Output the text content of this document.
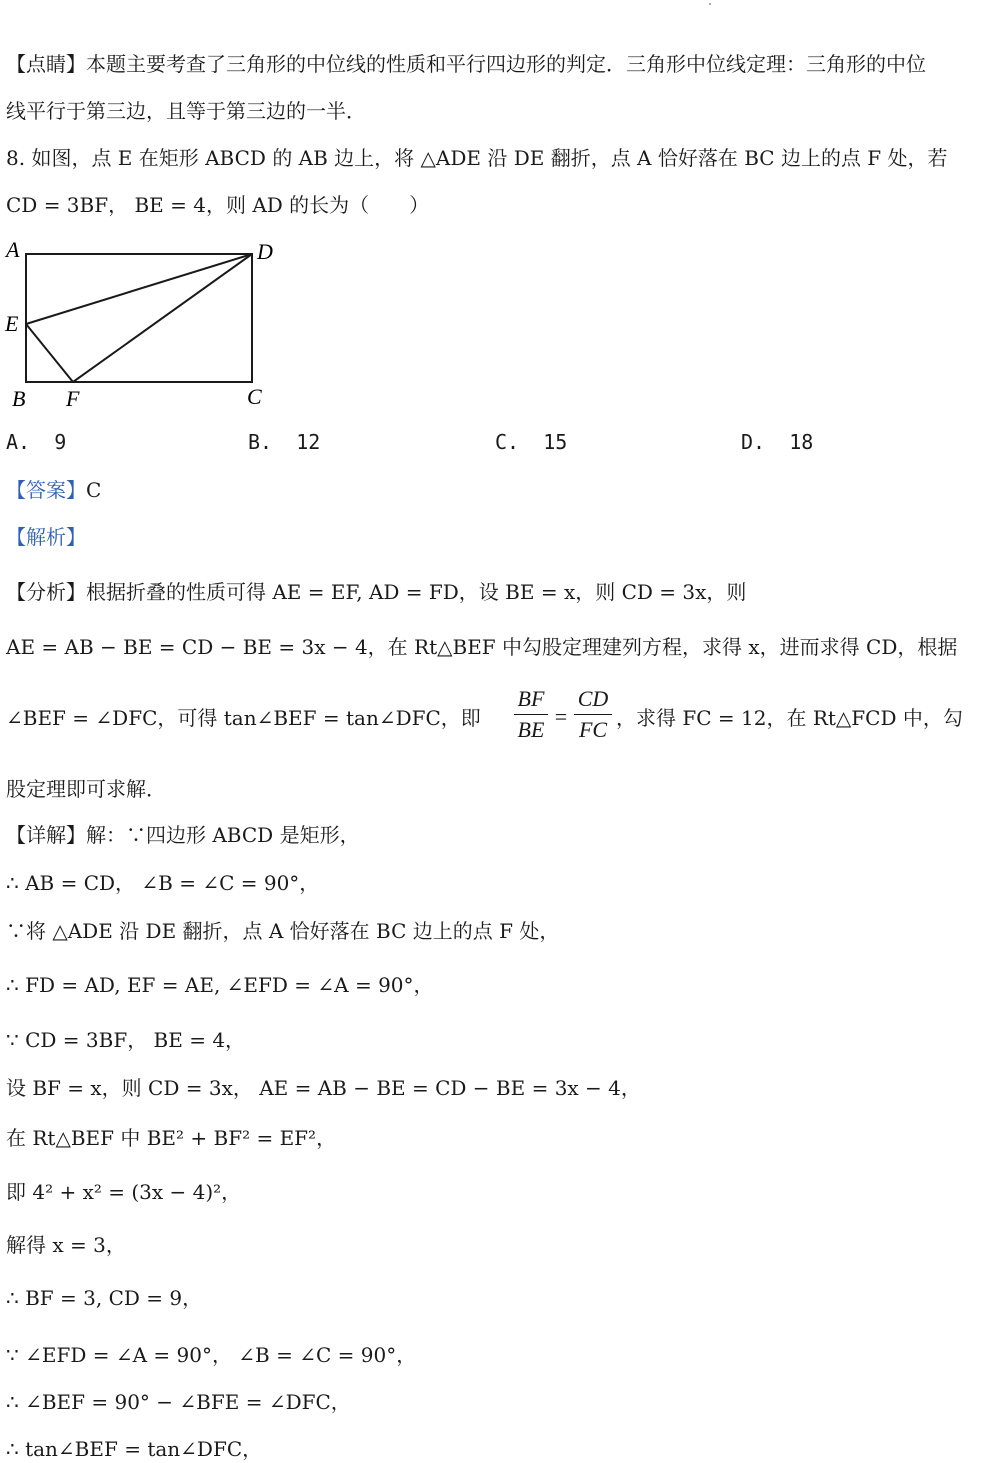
【点睛】本题主要考查了三角形的中位线的性质和平行四边形的判定．三角形中位线定理：三角形的中位
线平行于第三边，且等于第三边的一半．
8. 如图，点 E 在矩形 ABCD 的 AB 边上，将 △ADE 沿 DE 翻折，点 A 恰好落在 BC 边上的点 F 处，若
CD = 3BF， BE = 4，则 AD 的长为（　　）
A	D
E
B F	C
A. 9	B. 12	C. 15	D. 18
【答案】C
【解析】
【分析】根据折叠的性质可得 AE = EF, AD = FD，设 BE = x，则 CD = 3x，则
AE = AB − BE = CD − BE = 3x − 4，在 Rt△BEF 中勾股定理建列方程，求得 x，进而求得 CD，根据
∠BEF = ∠DFC，可得 tan∠BEF = tan∠DFC，即
BF
BE
=
CD
FC ，求得 FC = 12，在 Rt△FCD 中，勾
股定理即可求解．
【详解】解：∵四边形 ABCD 是矩形，
∴ AB = CD， ∠B = ∠C = 90°，
∵将 △ADE 沿 DE 翻折，点 A 恰好落在 BC 边上的点 F 处，
∴ FD = AD, EF = AE, ∠EFD = ∠A = 90°，
∵ CD = 3BF， BE = 4，
设 BF = x，则 CD = 3x， AE = AB − BE = CD − BE = 3x − 4，
在 Rt△BEF 中 BE² + BF² = EF²，
即 4² + x² = (3x − 4)²，
解得 x = 3，
∴ BF = 3, CD = 9，
∵ ∠EFD = ∠A = 90°， ∠B = ∠C = 90°，
∴ ∠BEF = 90° − ∠BFE = ∠DFC，
∴ tan∠BEF = tan∠DFC，
